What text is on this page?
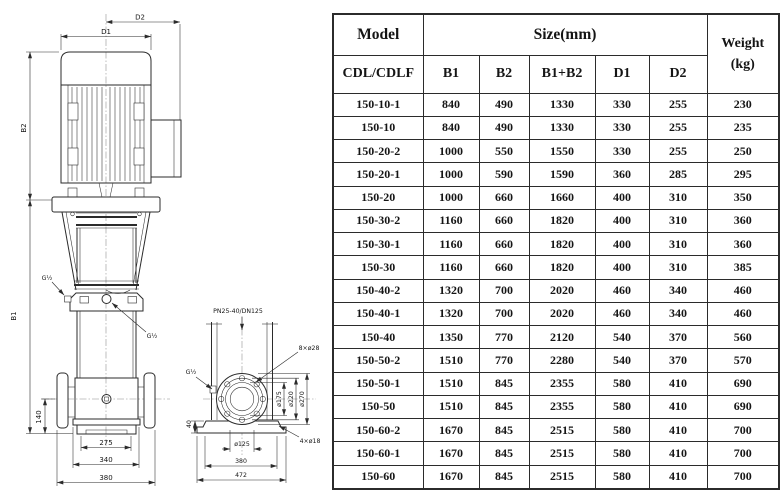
D2
D1
B2
B1
140
275
340
380
G½
G½
PN25-40/DN125
8×ø28
G½
ø175 ø220 ø270
40
ø125
380
472
4×ø18
Model	Size(mm)					Weight
(kg)
CDL/CDLF	B1	B2	B1+B2	D1	D2	
150-10-1	840	490	1330	330	255	230
150-10	840	490	1330	330	255	235
150-20-2	1000	550	1550	330	255	250
150-20-1	1000	590	1590	360	285	295
150-20	1000	660	1660	400	310	350
150-30-2	1160	660	1820	400	310	360
150-30-1	1160	660	1820	400	310	360
150-30	1160	660	1820	400	310	385
150-40-2	1320	700	2020	460	340	460
150-40-1	1320	700	2020	460	340	460
150-40	1350	770	2120	540	370	560
150-50-2	1510	770	2280	540	370	570
150-50-1	1510	845	2355	580	410	690
150-50	1510	845	2355	580	410	690
150-60-2	1670	845	2515	580	410	700
150-60-1	1670	845	2515	580	410	700
150-60	1670	845	2515	580	410	700
